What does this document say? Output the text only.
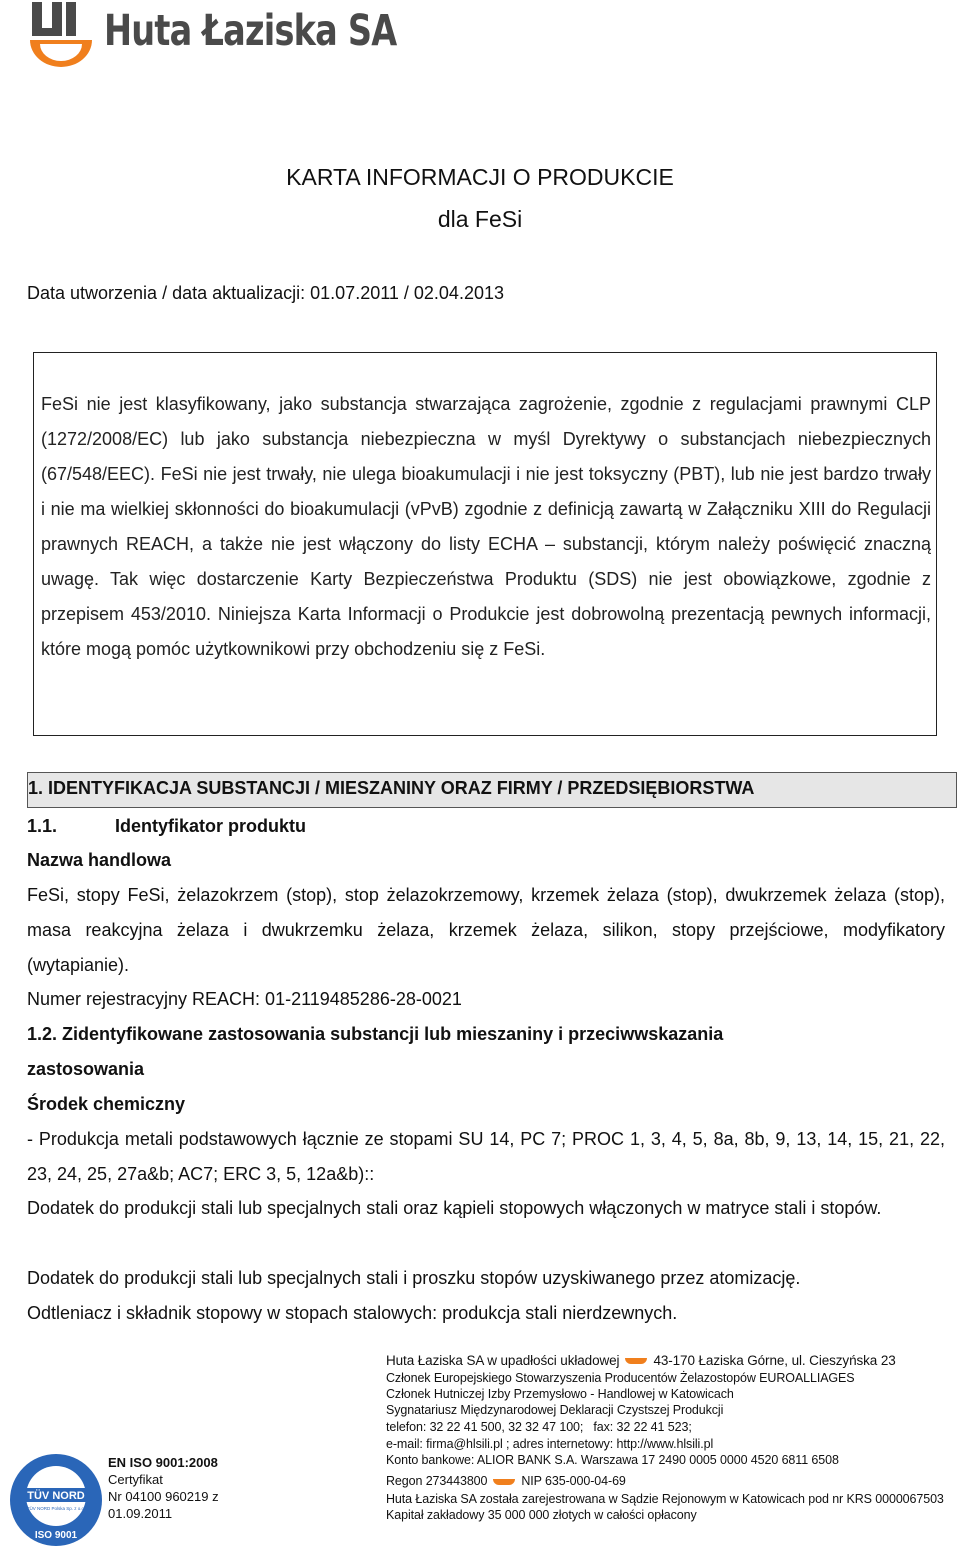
Huta Łaziska SA
KARTA INFORMACJI O PRODUKCIE
dla FeSi
Data utworzenia / data aktualizacji: 01.07.2011 / 02.04.2013

FeSi nie jest klasyfikowany, jako substancja stwarzająca zagrożenie, zgodnie z regulacjami prawnymi CLP (1272/2008/EC) lub jako substancja niebezpieczna w myśl Dyrektywy o substancjach niebezpiecznych (67/548/EEC). FeSi nie jest trwały, nie ulega bioakumulacji i nie jest toksyczny (PBT), lub nie jest bardzo trwały i nie ma wielkiej skłonności do bioakumulacji (vPvB) zgodnie z definicją zawartą w Załączniku XIII do Regulacji prawnych REACH, a także nie jest włączony do listy ECHA – substancji, którym należy poświęcić znaczną uwagę. Tak więc dostarczenie Karty Bezpieczeństwa Produktu (SDS) nie jest obowiązkowe, zgodnie z przepisem 453/2010. Niniejsza Karta Informacji o Produkcie jest dobrowolną prezentacją pewnych informacji, które mogą pomóc użytkownikowi przy obchodzeniu się z FeSi.

1. IDENTYFIKACJA SUBSTANCJI / MIESZANINY ORAZ FIRMY / PRZEDSIĘBIORSTWA
1.1.	Identyfikator produktu
Nazwa handlowa
FeSi, stopy FeSi, żelazokrzem (stop), stop żelazokrzemowy, krzemek żelaza (stop), dwukrzemek żelaza (stop), masa reakcyjna żelaza i dwukrzemku żelaza, krzemek żelaza, silikon, stopy przejściowe, modyfikatory (wytapianie).
Numer rejestracyjny REACH: 01-2119485286-28-0021
1.2. Zidentyfikowane zastosowania substancji lub mieszaniny i przeciwwskazania zastosowania
Środek chemiczny
- Produkcja metali podstawowych łącznie ze stopami SU 14, PC 7; PROC 1, 3, 4, 5, 8a, 8b, 9, 13, 14, 15, 21, 22, 23, 24, 25, 27a&b; AC7; ERC 3, 5, 12a&b)::
Dodatek do produkcji stali lub specjalnych stali oraz kąpieli stopowych włączonych w matryce stali i stopów.
Dodatek do produkcji stali lub specjalnych stali i proszku stopów uzyskiwanego przez atomizację.
Odtleniacz i składnik stopowy w stopach stalowych: produkcja stali nierdzewnych.
TÜV NORD
TÜV NORD Polska Sp. z o.o.
ISO 9001
EN ISO 9001:2008
Certyfikat
Nr 04100 960219 z
01.09.2011
Huta Łaziska SA w upadłości układowej	43-170 Łaziska Górne, ul. Cieszyńska 23
Członek Europejskiego Stowarzyszenia Producentów Żelazostopów EUROALLIAGES
Członek Hutniczej Izby Przemysłowo - Handlowej w Katowicach
Sygnatariusz Międzynarodowej Deklaracji Czystszej Produkcji
telefon: 32 22 41 500, 32 32 47 100; fax: 32 22 41 523;
e-mail: firma@hlsili.pl ; adres internetowy: http://www.hlsili.pl
Konto bankowe: ALIOR BANK S.A. Warszawa 17 2490 0005 0000 4520 6811 6508
Regon 273443800	NIP 635-000-04-69
Huta Łaziska SA została zarejestrowana w Sądzie Rejonowym w Katowicach pod nr KRS 0000067503
Kapitał zakładowy 35 000 000 złotych w całości opłacony
